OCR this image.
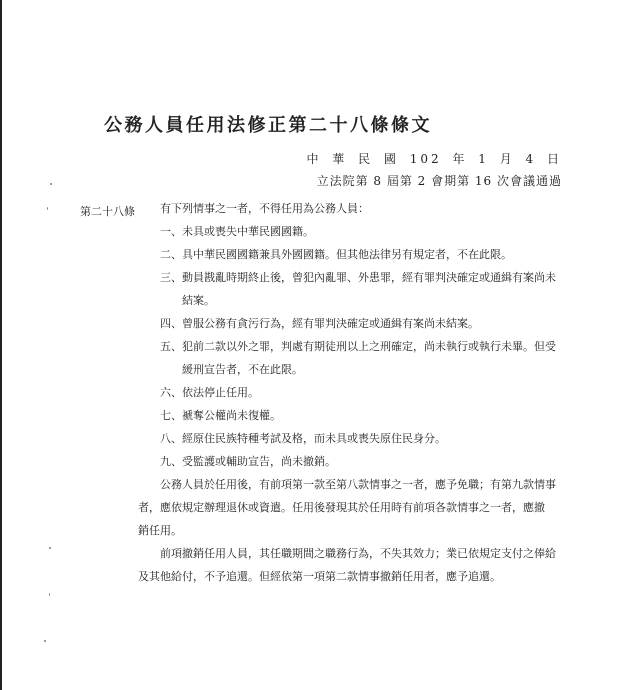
公務人員任用法修正第二十八條條文
中 華 民 國 102 年 1 月 4 日
立法院第 8 屆第 2 會期第 16 次會議通過
第二十八條 有下列情事之一者，不得任用為公務人員：
一、未具或喪失中華民國國籍。
二、具中華民國國籍兼具外國國籍。但其他法律另有規定者，不在此限。
三、動員戡亂時期終止後，曾犯內亂罪、外患罪，經有罪判決確定或通緝有案尚未
結案。
四、曾服公務有貪污行為，經有罪判決確定或通緝有案尚未結案。
五、犯前二款以外之罪，判處有期徒刑以上之刑確定，尚未執行或執行未畢。但受
緩刑宣告者，不在此限。
六、依法停止任用。
七、褫奪公權尚未復權。
八、經原住民族特種考試及格，而未具或喪失原住民身分。
九、受監護或輔助宣告，尚未撤銷。
公務人員於任用後，有前項第一款至第八款情事之一者，應予免職；有第九款情事
者，應依規定辦理退休或資遣。任用後發現其於任用時有前項各款情事之一者，應撤
銷任用。
前項撤銷任用人員，其任職期間之職務行為，不失其效力；業已依規定支付之俸給
及其他給付，不予追還。但經依第一項第二款情事撤銷任用者，應予追還。
